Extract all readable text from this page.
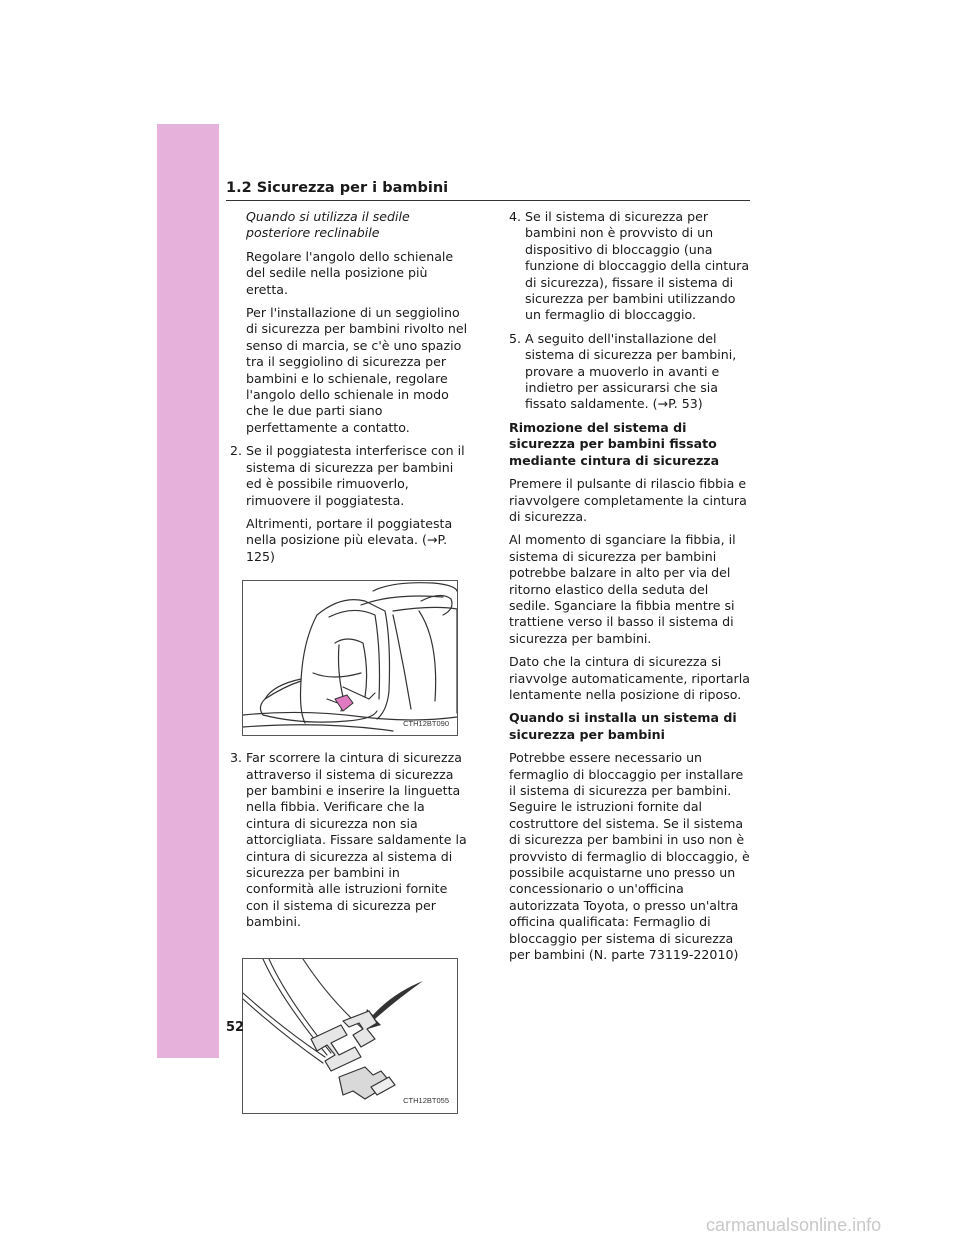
1.2 Sicurezza per i bambini

Quando si utilizza il sedile posteriore reclinabile

Regolare l'angolo dello schienale del sedile nella posizione più eretta.

Per l'installazione di un seggiolino di sicurezza per bambini rivolto nel senso di marcia, se c'è uno spazio tra il seggiolino di sicurezza per bambini e lo schienale, regolare l'angolo dello schienale in modo che le due parti siano perfettamente a contatto.

2. Se il poggiatesta interferisce con il sistema di sicurezza per bambini ed è possibile rimuoverlo, rimuovere il poggiatesta.

Altrimenti, portare il poggiatesta nella posizione più elevata. (→P. 125)

CTH12BT090
3. Far scorrere la cintura di sicurezza attraverso il sistema di sicurezza per bambini e inserire la linguetta nella fibbia. Verificare che la cintura di sicurezza non sia attorcigliata. Fissare saldamente la cintura di sicurezza al sistema di sicurezza per bambini in conformità alle istruzioni fornite con il sistema di sicurezza per bambini.
CTH12BT055
4. Se il sistema di sicurezza per bambini non è provvisto di un dispositivo di bloccaggio (una funzione di bloccaggio della cintura di sicurezza), fissare il sistema di sicurezza per bambini utilizzando un fermaglio di bloccaggio.
5. A seguito dell'installazione del sistema di sicurezza per bambini, provare a muoverlo in avanti e indietro per assicurarsi che sia fissato saldamente. (→P. 53)

Rimozione del sistema di sicurezza per bambini fissato mediante cintura di sicurezza

Premere il pulsante di rilascio fibbia e riavvolgere completamente la cintura di sicurezza.

Al momento di sganciare la fibbia, il sistema di sicurezza per bambini potrebbe balzare in alto per via del ritorno elastico della seduta del sedile. Sganciare la fibbia mentre si trattiene verso il basso il sistema di sicurezza per bambini.

Dato che la cintura di sicurezza si riavvolge automaticamente, riportarla lentamente nella posizione di riposo.

Quando si installa un sistema di sicurezza per bambini

Potrebbe essere necessario un fermaglio di bloccaggio per installare il sistema di sicurezza per bambini. Seguire le istruzioni fornite dal costruttore del sistema. Se il sistema di sicurezza per bambini in uso non è provvisto di fermaglio di bloccaggio, è possibile acquistarne uno presso un concessionario o un'officina autorizzata Toyota, o presso un'altra officina qualificata: Fermaglio di bloccaggio per sistema di sicurezza per bambini (N. parte 73119-22010)

52
carmanualsonline.info
